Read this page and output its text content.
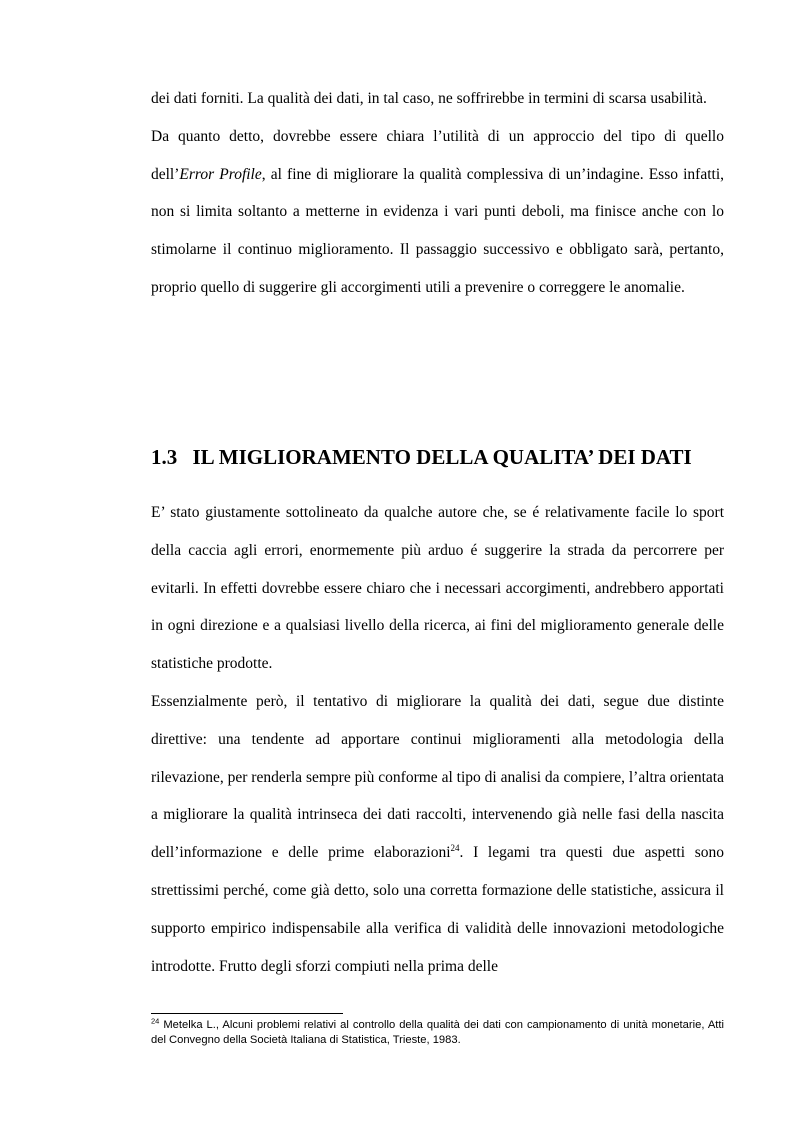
dei dati forniti. La qualità dei dati, in tal caso, ne soffrirebbe in termini di scarsa usabilità.

Da quanto detto, dovrebbe essere chiara l’utilità di un approccio del tipo di quello dell’Error Profile, al fine di migliorare la qualità complessiva di un’indagine. Esso infatti, non si limita soltanto a metterne in evidenza i vari punti deboli, ma finisce anche con lo stimolarne il continuo miglioramento. Il passaggio successivo e obbligato sarà, pertanto, proprio quello di suggerire gli accorgimenti utili a prevenire o correggere le anomalie.

1.3 IL MIGLIORAMENTO DELLA QUALITA’ DEI DATI

E’ stato giustamente sottolineato da qualche autore che, se é relativamente facile lo sport della caccia agli errori, enormemente più arduo é suggerire la strada da percorrere per evitarli. In effetti dovrebbe essere chiaro che i necessari accorgimenti, andrebbero apportati in ogni direzione e a qualsiasi livello della ricerca, ai fini del miglioramento generale delle statistiche prodotte.

Essenzialmente però, il tentativo di migliorare la qualità dei dati, segue due distinte direttive: una tendente ad apportare continui miglioramenti alla metodologia della rilevazione, per renderla sempre più conforme al tipo di analisi da compiere, l’altra orientata a migliorare la qualità intrinseca dei dati raccolti, intervenendo già nelle fasi della nascita dell’informazione e delle prime elaborazioni$^{24}$. I legami tra questi due aspetti sono strettissimi perché, come già detto, solo una corretta formazione delle statistiche, assicura il supporto empirico indispensabile alla verifica di validità delle innovazioni metodologiche introdotte. Frutto degli sforzi compiuti nella prima delle

$^{24}$ Metelka L., Alcuni problemi relativi al controllo della qualità dei dati con campionamento di unità monetarie, Atti del Convegno della Società Italiana di Statistica, Trieste, 1983.
